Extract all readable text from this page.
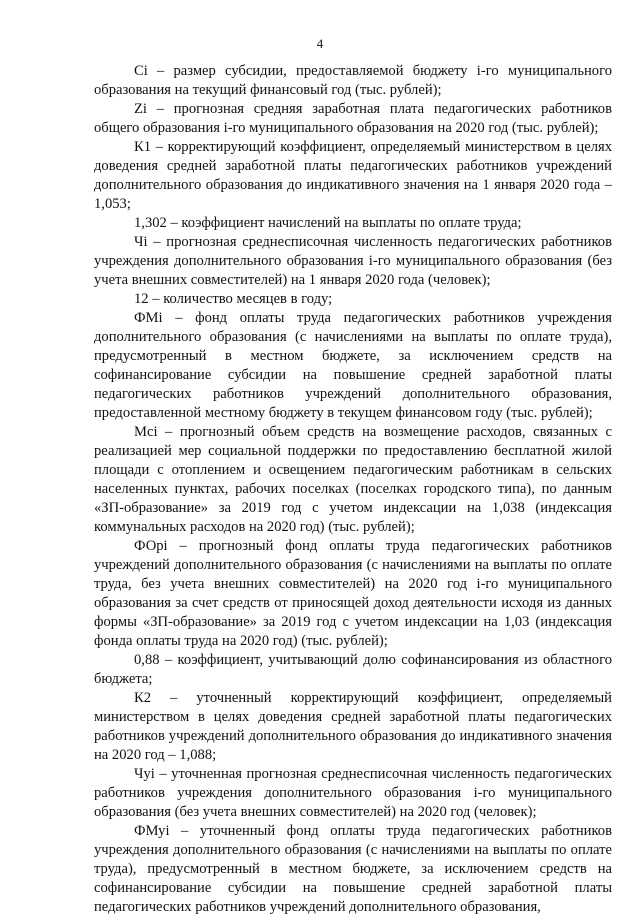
4

Ci – размер субсидии, предоставляемой бюджету i-го муниципального образования на текущий финансовый год (тыс. рублей);

Zi – прогнозная средняя заработная плата педагогических работников общего образования i-го муниципального образования на 2020 год (тыс. рублей);

К1 – корректирующий коэффициент, определяемый министерством в целях доведения средней заработной платы педагогических работников учреждений дополнительного образования до индикативного значения на 1 января 2020 года – 1,053;

1,302 – коэффициент начислений на выплаты по оплате труда;

Чi – прогнозная среднесписочная численность педагогических работников учреждения дополнительного образования i-го муниципального образования (без учета внешних совместителей) на 1 января 2020 года (человек);

12 – количество месяцев в году;

ФМi – фонд оплаты труда педагогических работников учреждения дополнительного образования (с начислениями на выплаты по оплате труда), предусмотренный в местном бюджете, за исключением средств на софинансирование субсидии на повышение средней заработной платы педагогических работников учреждений дополнительного образования, предоставленной местному бюджету в текущем финансовом году (тыс. рублей);

Мci – прогнозный объем средств на возмещение расходов, связанных с реализацией мер социальной поддержки по предоставлению бесплатной жилой площади с отоплением и освещением педагогическим работникам в сельских населенных пунктах, рабочих поселках (поселках городского типа), по данным «ЗП-образование» за 2019 год с учетом индексации на 1,038 (индексация коммунальных расходов на 2020 год) (тыс. рублей);

ФОрi – прогнозный фонд оплаты труда педагогических работников учреждений дополнительного образования (с начислениями на выплаты по оплате труда, без учета внешних совместителей) на 2020 год i-го муниципального образования за счет средств от приносящей доход деятельности исходя из данных формы «ЗП-образование» за 2019 год с учетом индексации на 1,03 (индексация фонда оплаты труда на 2020 год) (тыс. рублей);

0,88 – коэффициент, учитывающий долю софинансирования из областного бюджета;

К2 – уточненный корректирующий коэффициент, определяемый министерством в целях доведения средней заработной платы педагогических работников учреждений дополнительного образования до индикативного значения на 2020 год – 1,088;

Чуi – уточненная прогнозная среднесписочная численность педагогических работников учреждения дополнительного образования i-го муниципального образования (без учета внешних совместителей) на 2020 год (человек);

ФМуi – уточненный фонд оплаты труда педагогических работников учреждения дополнительного образования (с начислениями на выплаты по оплате труда), предусмотренный в местном бюджете, за исключением средств на софинансирование субсидии на повышение средней заработной платы педагогических работников учреждений дополнительного образования,
